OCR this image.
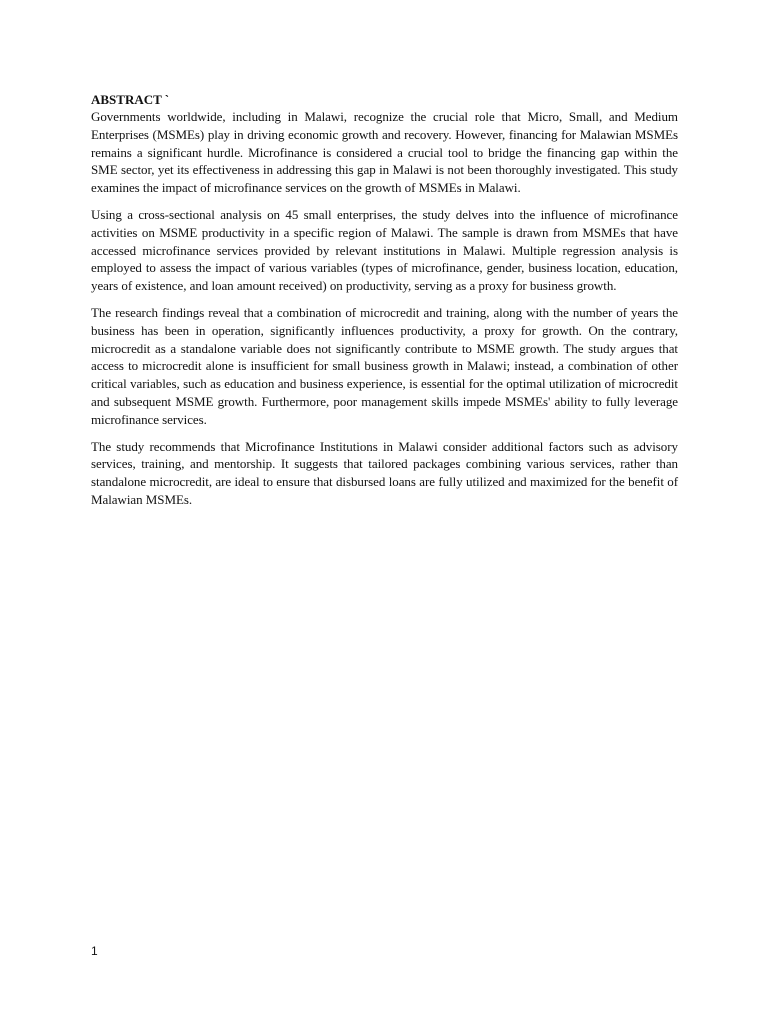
ABSTRACT `

Governments worldwide, including in Malawi, recognize the crucial role that Micro, Small, and Medium Enterprises (MSMEs) play in driving economic growth and recovery. However, financing for Malawian MSMEs remains a significant hurdle. Microfinance is considered a crucial tool to bridge the financing gap within the SME sector, yet its effectiveness in addressing this gap in Malawi is not been thoroughly investigated. This study examines the impact of microfinance services on the growth of MSMEs in Malawi.

Using a cross-sectional analysis on 45 small enterprises, the study delves into the influence of microfinance activities on MSME productivity in a specific region of Malawi. The sample is drawn from MSMEs that have accessed microfinance services provided by relevant institutions in Malawi. Multiple regression analysis is employed to assess the impact of various variables (types of microfinance, gender, business location, education, years of existence, and loan amount received) on productivity, serving as a proxy for business growth.

The research findings reveal that a combination of microcredit and training, along with the number of years the business has been in operation, significantly influences productivity, a proxy for growth. On the contrary, microcredit as a standalone variable does not significantly contribute to MSME growth. The study argues that access to microcredit alone is insufficient for small business growth in Malawi; instead, a combination of other critical variables, such as education and business experience, is essential for the optimal utilization of microcredit and subsequent MSME growth. Furthermore, poor management skills impede MSMEs' ability to fully leverage microfinance services.

The study recommends that Microfinance Institutions in Malawi consider additional factors such as advisory services, training, and mentorship. It suggests that tailored packages combining various services, rather than standalone microcredit, are ideal to ensure that disbursed loans are fully utilized and maximized for the benefit of Malawian MSMEs.

1
